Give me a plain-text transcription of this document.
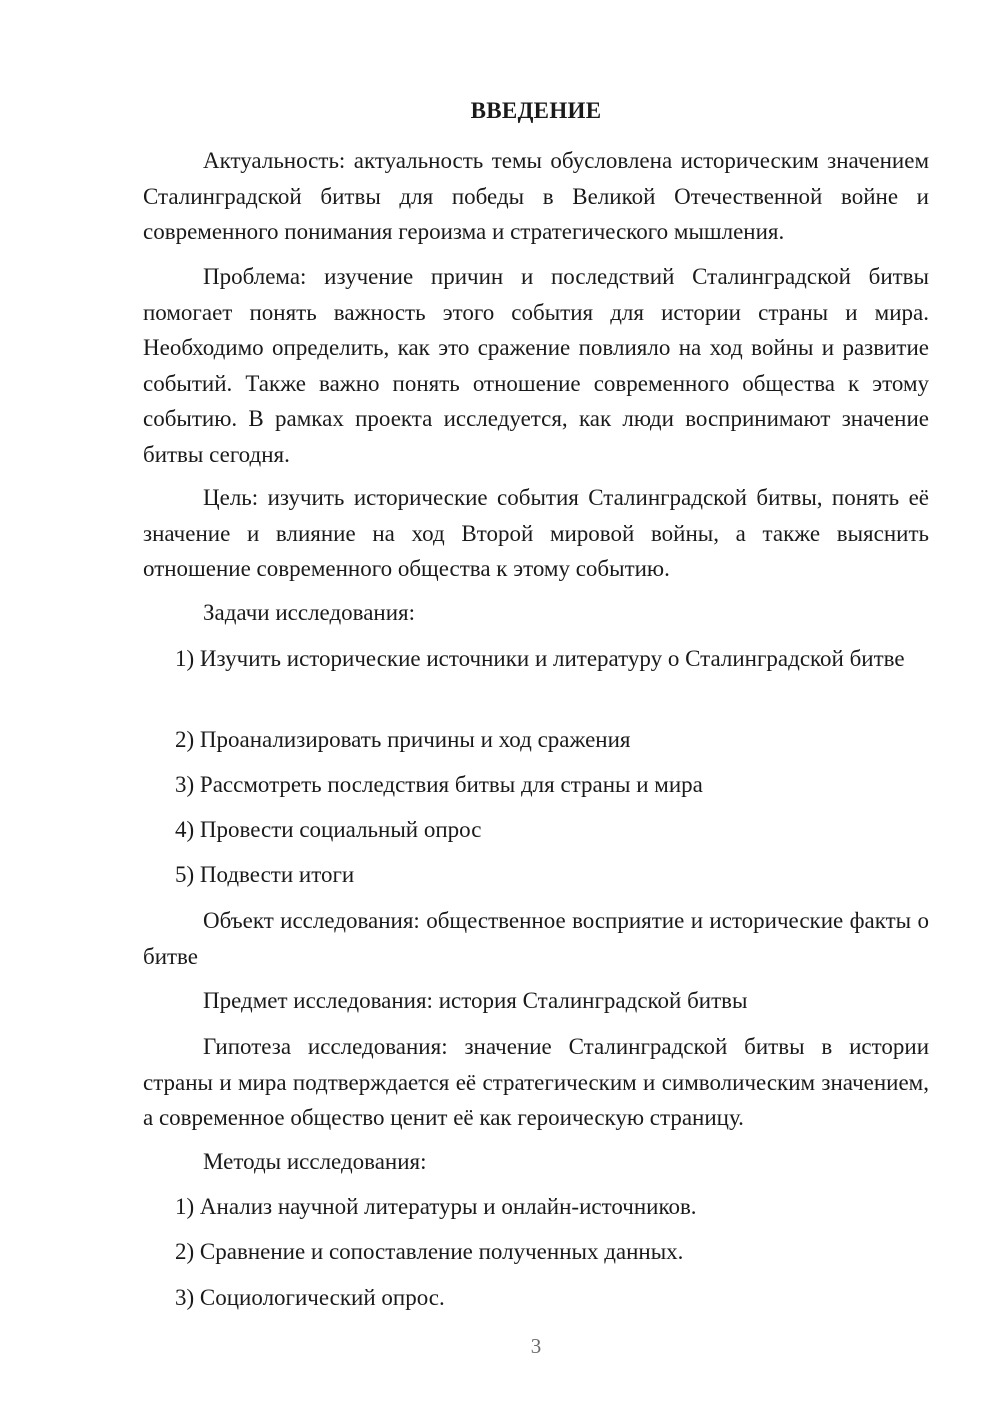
ВВЕДЕНИЕ
Актуальность: актуальность темы обусловлена историческим значением Сталинградской битвы для победы в Великой Отечественной войне и современного понимания героизма и стратегического мышления.
Проблема: изучение причин и последствий Сталинградской битвы помогает понять важность этого события для истории страны и мира. Необходимо определить, как это сражение повлияло на ход войны и развитие событий. Также важно понять отношение современного общества к этому событию. В рамках проекта исследуется, как люди воспринимают значение битвы сегодня.
Цель: изучить исторические события Сталинградской битвы, понять её значение и влияние на ход Второй мировой войны, а также выяснить отношение современного общества к этому событию.
Задачи исследования:
1) Изучить исторические источники и литературу о Сталинградской битве
2) Проанализировать причины и ход сражения
3) Рассмотреть последствия битвы для страны и мира
4) Провести социальный опрос
5) Подвести итоги
Объект исследования: общественное восприятие и исторические факты о битве
Предмет исследования: история Сталинградской битвы
Гипотеза исследования: значение Сталинградской битвы в истории страны и мира подтверждается её стратегическим и символическим значением, а современное общество ценит её как героическую страницу.
Методы исследования:
1) Анализ научной литературы и онлайн-источников.
2) Сравнение и сопоставление полученных данных.
3) Социологический опрос.
3
